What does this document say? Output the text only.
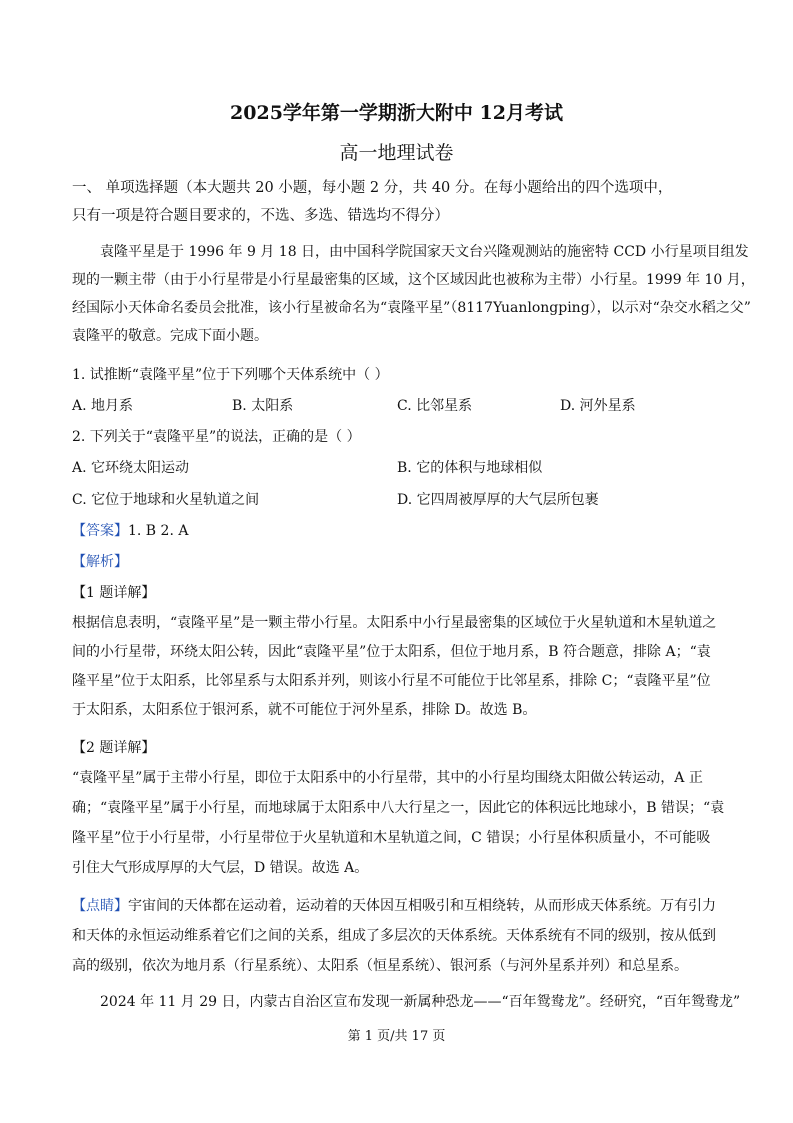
2025学年第一学期浙大附中 12月考试
高一地理试卷
一、 单项选择题（本大题共 20 小题，每小题 2 分，共 40 分。在每小题给出的四个选项中，
只有一项是符合题目要求的，不选、多选、错选均不得分）
袁隆平星是于 1996 年 9 月 18 日，由中国科学院国家天文台兴隆观测站的施密特 CCD 小行星项目组发
现的一颗主带（由于小行星带是小行星最密集的区域，这个区域因此也被称为主带）小行星。1999 年 10 月，
经国际小天体命名委员会批准，该小行星被命名为“袁隆平星”（8117Yuanlongping），以示对“杂交水稻之父”
袁隆平的敬意。完成下面小题。
1. 试推断“袁隆平星”位于下列哪个天体系统中（ ）
A. 地月系	B. 太阳系	C. 比邻星系	D. 河外星系
2. 下列关于“袁隆平星”的说法，正确的是（ ）
A. 它环绕太阳运动	B. 它的体积与地球相似
C. 它位于地球和火星轨道之间	D. 它四周被厚厚的大气层所包裹
【答案】1. B 2. A
【解析】
【1 题详解】
根据信息表明，“袁隆平星”是一颗主带小行星。太阳系中小行星最密集的区域位于火星轨道和木星轨道之
间的小行星带，环绕太阳公转，因此“袁隆平星”位于太阳系，但位于地月系，B 符合题意，排除 A；“袁
隆平星”位于太阳系，比邻星系与太阳系并列，则该小行星不可能位于比邻星系，排除 C；“袁隆平星”位
于太阳系，太阳系位于银河系，就不可能位于河外星系，排除 D。故选 B。
【2 题详解】
“袁隆平星”属于主带小行星，即位于太阳系中的小行星带，其中的小行星均围绕太阳做公转运动，A 正
确；“袁隆平星”属于小行星，而地球属于太阳系中八大行星之一，因此它的体积远比地球小，B 错误；“袁
隆平星”位于小行星带，小行星带位于火星轨道和木星轨道之间，C 错误；小行星体积质量小，不可能吸
引住大气形成厚厚的大气层，D 错误。故选 A。
【点睛】宇宙间的天体都在运动着，运动着的天体因互相吸引和互相绕转，从而形成天体系统。万有引力
和天体的永恒运动维系着它们之间的关系，组成了多层次的天体系统。天体系统有不同的级别，按从低到
高的级别，依次为地月系（行星系统）、太阳系（恒星系统）、银河系（与河外星系并列）和总星系。
2024 年 11 月 29 日，内蒙古自治区宣布发现一新属种恐龙——“百年鸳鸯龙”。经研究，“百年鸳鸯龙”
第 1 页/共 17 页
